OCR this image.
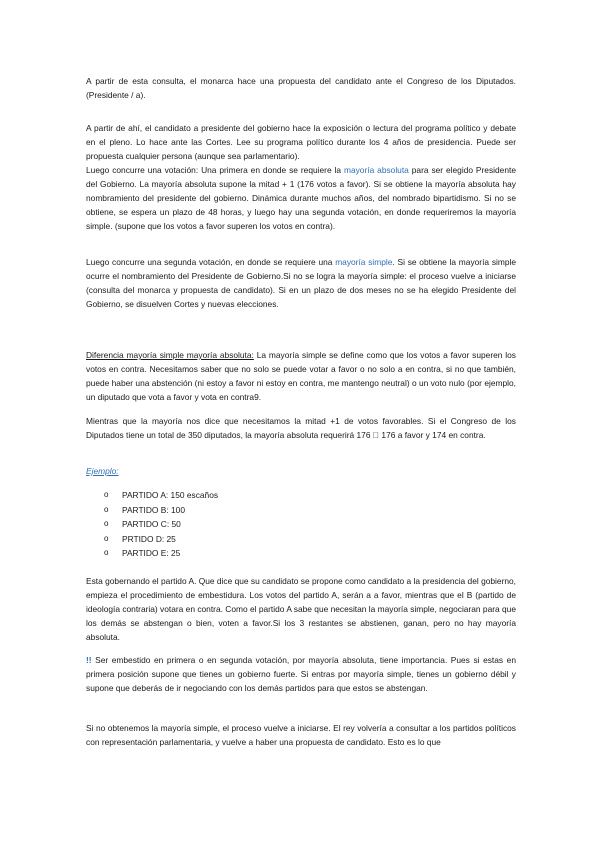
A partir de esta consulta, el monarca hace una propuesta del candidato ante el Congreso de los Diputados. (Presidente / a).

A partir de ahí, el candidato a presidente del gobierno hace la exposición o lectura del programa político y debate en el pleno. Lo hace ante las Cortes. Lee su programa político durante los 4 años de presidencia. Puede ser propuesta cualquier persona (aunque sea parlamentario).

Luego concurre una votación: Una primera en donde se requiere la mayoría absoluta para ser elegido Presidente del Gobierno. La mayoría absoluta supone la mitad + 1 (176 votos a favor). Si se obtiene la mayoría absoluta hay nombramiento del presidente del gobierno. Dinámica durante muchos años, del nombrado bipartidismo. Si no se obtiene, se espera un plazo de 48 horas, y luego hay una segunda votación, en donde requeriremos la mayoría simple. (supone que los votos a favor superen los votos en contra).

Luego concurre una segunda votación, en donde se requiere una mayoría simple. Si se obtiene la mayoría simple ocurre el nombramiento del Presidente de Gobierno.Si no se logra la mayoría simple: el proceso vuelve a iniciarse (consulta del monarca y propuesta de candidato). Si en un plazo de dos meses no se ha elegido Presidente del Gobierno, se disuelven Cortes y nuevas elecciones.

Diferencia mayoría simple mayoría absoluta: La mayoría simple se define como que los votos a favor superen los votos en contra. Necesitamos saber que no solo se puede votar a favor o no solo a en contra, si no que también, puede haber una abstención (ni estoy a favor ni estoy en contra, me mantengo neutral) o un voto nulo (por ejemplo, un diputado que vota a favor y vota en contra9.

Mientras que la mayoría nos dice que necesitamos la mitad +1 de votos favorables. Si el Congreso de los Diputados tiene un total de 350 diputados, la mayoría absoluta requerirá 176   176 a favor y 174 en contra.

Ejemplo:

o PARTIDO A: 150 escaños
o PARTIDO B: 100
o PARTIDO C: 50
o PRTIDO D: 25
o PARTIDO E: 25

Esta gobernando el partido A. Que dice que su candidato se propone como candidato a la presidencia del gobierno, empieza el procedimiento de embestidura. Los votos del partido A, serán a a favor, mientras que el B (partido de ideología contraria) votara en contra. Como el partido A sabe que necesitan la mayoría simple, negociaran para que los demás se abstengan o bien, voten a favor.Si los 3 restantes se abstienen, ganan, pero no hay mayoría absoluta.

!! Ser embestido en primera o en segunda votación, por mayoría absoluta, tiene importancia. Pues si estas en primera posición supone que tienes un gobierno fuerte. Si entras por mayoría simple, tienes un gobierno débil y supone que deberás de ir negociando con los demás partidos para que estos se abstengan.

Si no obtenemos la mayoría simple, el proceso vuelve a iniciarse. El rey volvería a consultar a los partidos políticos con representación parlamentaria, y vuelve a haber una propuesta de candidato. Esto es lo que
